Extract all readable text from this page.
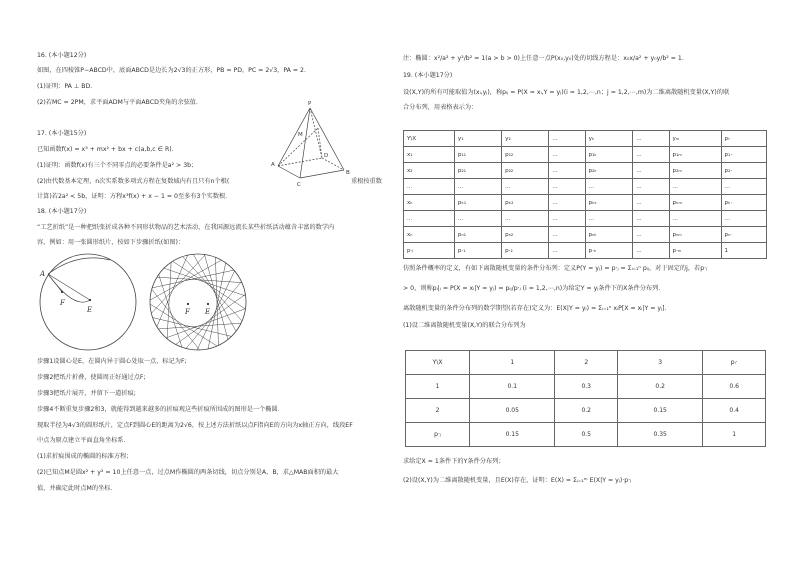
16. (本小题12分)
如图，在四棱锥P−ABCD中，底面ABCD是边长为2√3的正方形，PB = PD，PC = 2√3，PA = 2．
(1)证明：PA ⊥ BD．
(2)若MC = 2PM，求平面ADM与平面ABCD夹角的余弦值．
17. (本小题15分)
已知函数f(x) = x³ + mx² + bx + c(a,b,c ∈ R)．
(1)证明：函数f(x)有三个不同零点的必要条件是a² > 3b；
(2)由代数基本定理，n次实系数多项式方程在复数域内有且只有n个根(	重根按重数
计算)若2a² < 5b，证明：方程x³f(x) + x − 1 = 0至多有3个实数根．
P
M
A
C
B
D
18. (本小题17分)
“工艺折纸”是一种把纸张折成各种不同形状物品的艺术活动，在我国源远流长某些折纸活动蕴含丰富的数学内
容，例如：用一张圆形纸片，按如下步骤折纸(如图)：
A
F
E	F E
步骤1设圆心是E，在圆内异于圆心处取一点，标记为F;
步骤2把纸片折叠，使圆周正好通过点F;
步骤3把纸片展开，并留下一道折痕;
步骤4不断重复步骤2和3，就能得到越来越多的折痕观这些折痕所围成的图形是一个椭圆．
现取半径为4√3的圆形纸片，定点F到圆心E的距离为2√6，按上述方法折纸以点F指向E的方向为x轴正方向，线段EF
中点为原点建立平面直角坐标系．
(1)求折痕围成的椭圆的标准方程；
(2)已知点M是圆x² + y² = 10上任意一点，过点M作椭圆的两条切线，切点分别是A，B，求△MAB面积的最大
值，并确定此时点M的坐标．
注：椭圆：x²/a² + y²/b² = 1(a > b > 0)上任意一点P(x₀,y₀)处的切线方程是：x₀x/a² + y₀y/b² = 1．
19. (本小题17分)
设(X,Y)的所有可能取值为(xᵢ,yⱼ)，称pᵢⱼ = P(X = xᵢ,Y = yⱼ)(i = 1,2,⋯,n；j = 1,2,⋯,m)为二维离散随机变量(X,Y)的联
合分布列，用表格表示为：
Y\X	y₁	y₂	...	yₖ	...	yₘ	pᵢ·
x₁	p₁₁	p₁₂	...	p₁ₖ	...	p₁ₘ	p₁·
x₂	p₂₁	p₂₂	...	p₂ₖ	...	p₂ₘ	p₂·
...	...	...	...	...	...	...	...
xₖ	pₖ₁	pₖ₂	...	pₖₖ	...	pₖₘ	pₖ·
...	...	...	...	...	...	...	...
xₙ	pₙ₁	pₙ₂	...	pₙₖ	...	pₙₘ	pₙ·
p·ⱼ	p·₁	p·₂	...	p·ₖ	...	p·ₘ	1
仿照条件概率的定义，有如下离散随机变量的条件分布列：定义P(Y = yⱼ) = p·ⱼ = Σᵢ₌₁ⁿ pᵢⱼ，对于固定的j，若p·ⱼ
> 0，则称pᵢ|ⱼ = P(X = xᵢ|Y = yⱼ) = pᵢⱼ/p·ⱼ (i = 1,2,⋯,n)为给定Y = yⱼ条件下的X条件分布列．
离散随机变量的条件分布列的数学期望(若存在)定义为：E(X|Y = yⱼ) = Σᵢ₌₁ⁿ xᵢP[X = xᵢ|Y = yⱼ]．
(1)设二维离散随机变量(X,Y)的联合分布列为
Y\X	1	2	3	pᵢ·
1	0.1	0.3	0.2	0.6
2	0.05	0.2	0.15	0.4
p·ⱼ	0.15	0.5	0.35	1
求给定X = 1条件下的Y条件分布列；
(2)设(X,Y)为二维离散随机变量，且E(X)存在，证明：E(X) = Σⱼ₌₁ᵐ E(X|Y = yⱼ)·p·ⱼ
